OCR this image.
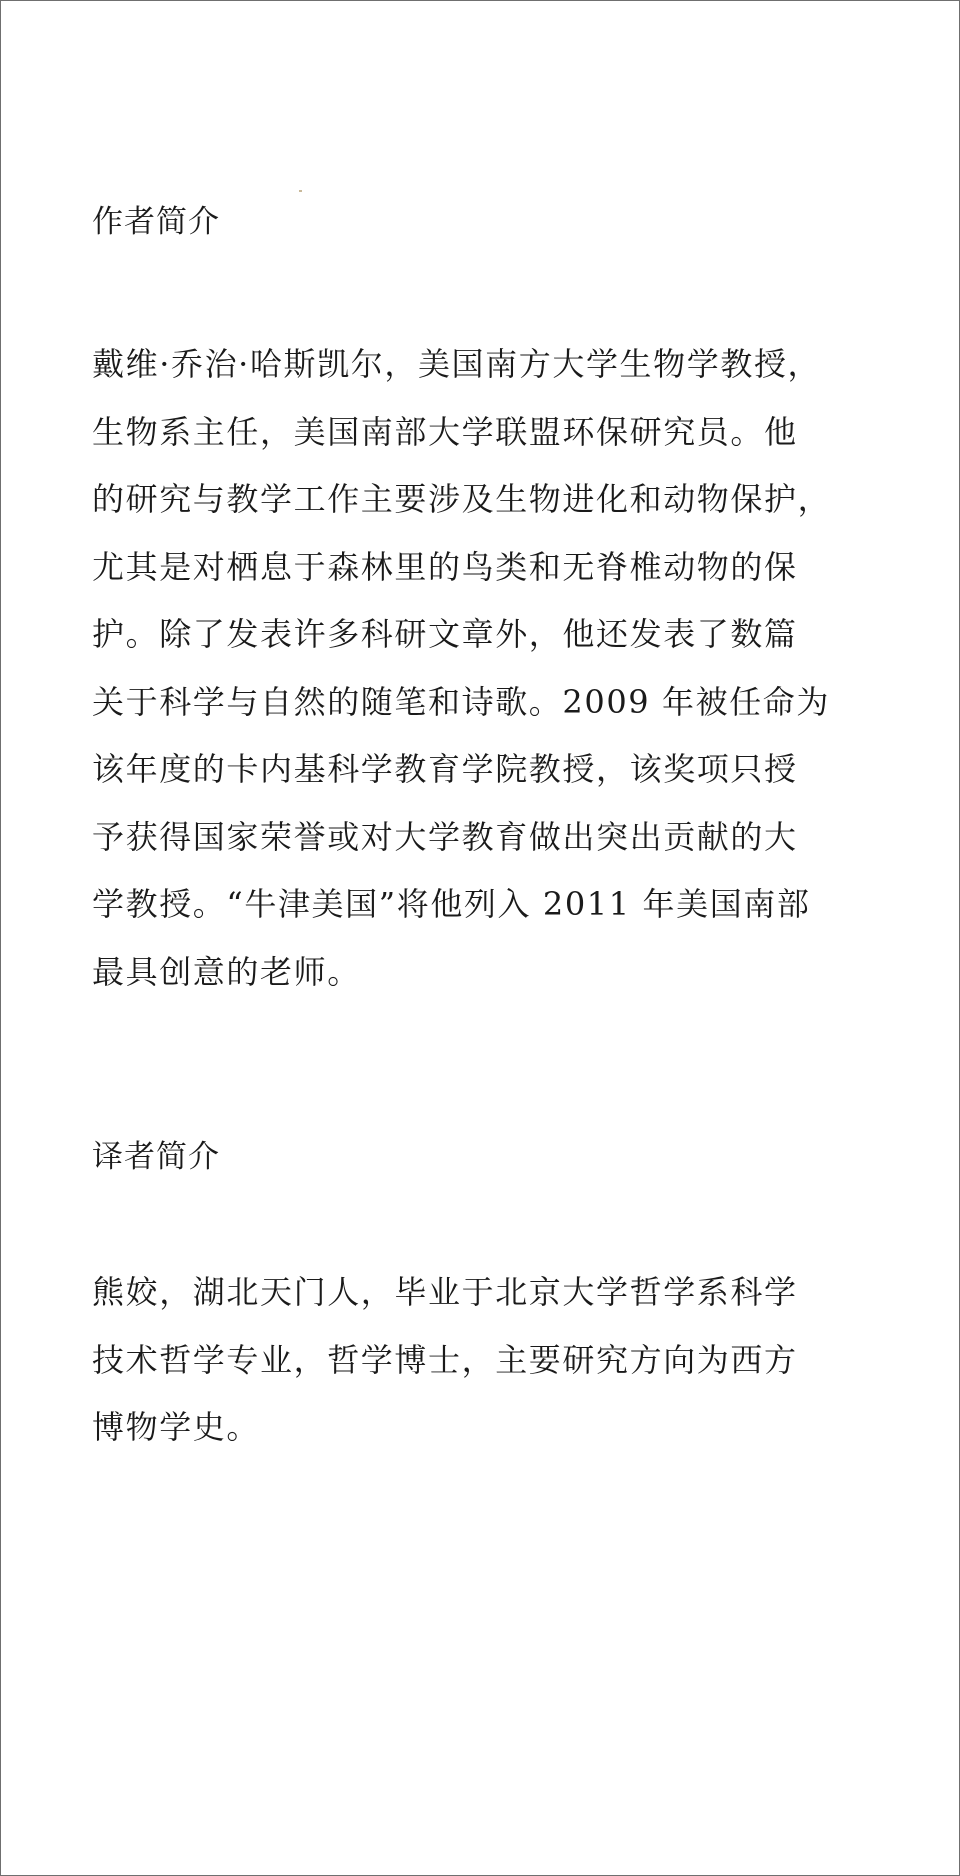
作者简介
戴维·乔治·哈斯凯尔，美国南方大学生物学教授，
生物系主任，美国南部大学联盟环保研究员。他
的研究与教学工作主要涉及生物进化和动物保护，
尤其是对栖息于森林里的鸟类和无脊椎动物的保
护。除了发表许多科研文章外，他还发表了数篇
关于科学与自然的随笔和诗歌。2009 年被任命为
该年度的卡内基科学教育学院教授，该奖项只授
予获得国家荣誉或对大学教育做出突出贡献的大
学教授。“牛津美国”将他列入 2011 年美国南部
最具创意的老师。
译者简介
熊姣，湖北天门人，毕业于北京大学哲学系科学
技术哲学专业，哲学博士，主要研究方向为西方
博物学史。
